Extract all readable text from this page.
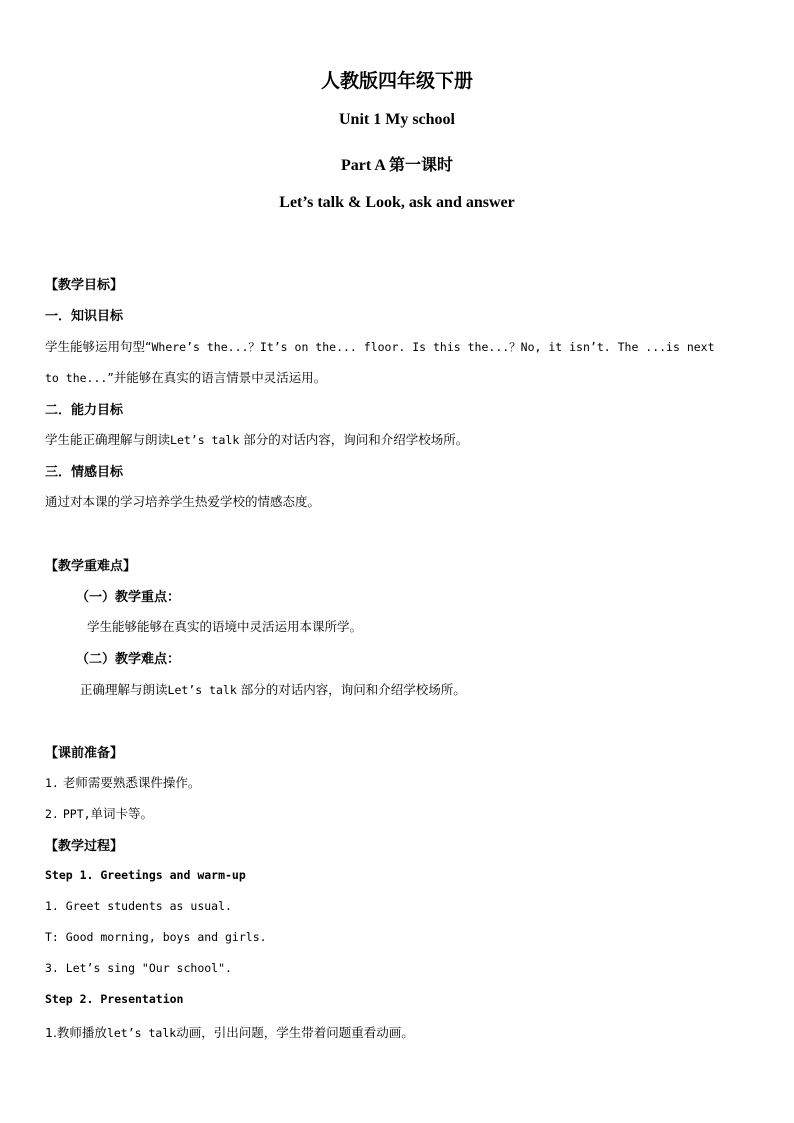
人教版四年级下册
Unit 1 My school
Part A 第一课时
Let’s talk & Look, ask and answer
【教学目标】
一．知识目标
学生能够运用句型“Where’s the...？It’s on the... floor. Is this the...？No, it isn’t. The ...is next
to the...”并能够在真实的语言情景中灵活运用。
二．能力目标
学生能正确理解与朗读Let’s talk 部分的对话内容，询问和介绍学校场所。
三．情感目标
通过对本课的学习培养学生热爱学校的情感态度。
【教学重难点】
（一）教学重点：
学生能够能够在真实的语境中灵活运用本课所学。
（二）教学难点：
正确理解与朗读Let’s talk 部分的对话内容，询问和介绍学校场所。
【课前准备】
1. 老师需要熟悉课件操作。
2. PPT,单词卡等。
【教学过程】
Step 1. Greetings and warm-up
1. Greet students as usual.
T: Good morning, boys and girls.
3. Let’s sing "Our school".
Step 2. Presentation
1.教师播放let’s talk动画，引出问题，学生带着问题重看动画。
